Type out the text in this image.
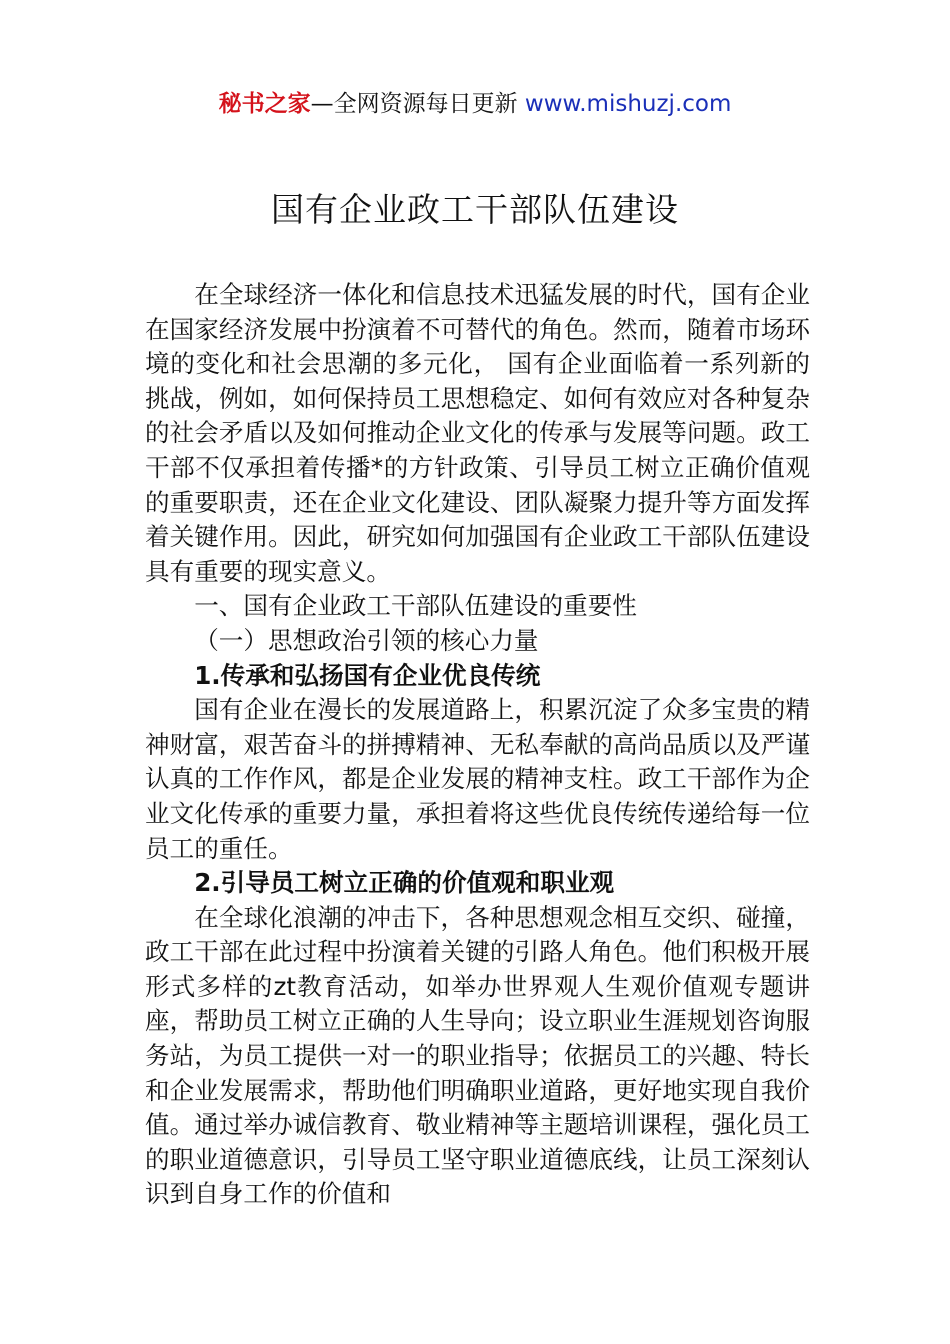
秘书之家—全网资源每日更新 www.mishuzj.com
国有企业政工干部队伍建设

在全球经济一体化和信息技术迅猛发展的时代，国有企业在国家经济发展中扮演着不可替代的角色。然而，随着市场环境的变化和社会思潮的多元化， 国有企业面临着一系列新的挑战，例如，如何保持员工思想稳定、如何有效应对各种复杂的社会矛盾以及如何推动企业文化的传承与发展等问题。政工干部不仅承担着传播*的方针政策、引导员工树立正确价值观的重要职责，还在企业文化建设、团队凝聚力提升等方面发挥着关键作用。因此，研究如何加强国有企业政工干部队伍建设具有重要的现实意义。

一、国有企业政工干部队伍建设的重要性

（一）思想政治引领的核心力量

1.传承和弘扬国有企业优良传统

国有企业在漫长的发展道路上，积累沉淀了众多宝贵的精神财富，艰苦奋斗的拼搏精神、无私奉献的高尚品质以及严谨认真的工作作风，都是企业发展的精神支柱。政工干部作为企业文化传承的重要力量，承担着将这些优良传统传递给每一位员工的重任。

2.引导员工树立正确的价值观和职业观

在全球化浪潮的冲击下，各种思想观念相互交织、碰撞，政工干部在此过程中扮演着关键的引路人角色。他们积极开展形式多样的zt教育活动，如举办世界观人生观价值观专题讲座，帮助员工树立正确的人生导向；设立职业生涯规划咨询服务站，为员工提供一对一的职业指导；依据员工的兴趣、特长和企业发展需求，帮助他们明确职业道路，更好地实现自我价值。通过举办诚信教育、敬业精神等主题培训课程，强化员工的职业道德意识，引导员工坚守职业道德底线，让员工深刻认识到自身工作的价值和
